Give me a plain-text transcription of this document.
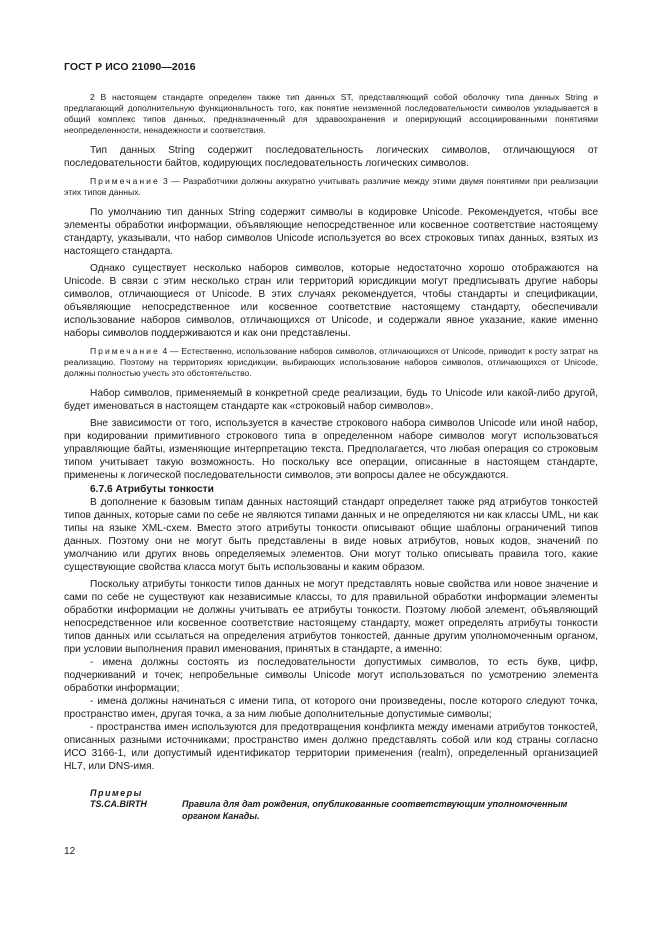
ГОСТ Р ИСО 21090—2016

2 В настоящем стандарте определен также тип данных ST, представляющий собой оболочку типа данных String и предлагающий дополнительную функциональность того, как понятие неизменной последовательности символов укладывается в общий комплекс типов данных, предназначенный для здравоохранения и оперирующий ассоциированными понятиями неопределенности, ненадежности и соответствия.

Тип данных String содержит последовательность логических символов, отличающуюся от последовательности байтов, кодирующих последовательность логических символов.

Примечание 3 — Разработчики должны аккуратно учитывать различие между этими двумя понятиями при реализации этих типов данных.

По умолчанию тип данных String содержит символы в кодировке Unicode. Рекомендуется, чтобы все элементы обработки информации, объявляющие непосредственное или косвенное соответствие настоящему стандарту, указывали, что набор символов Unicode используется во всех строковых типах данных, взятых из настоящего стандарта.

Однако существует несколько наборов символов, которые недостаточно хорошо отображаются на Unicode. В связи с этим несколько стран или территорий юрисдикции могут предписывать другие наборы символов, отличающиеся от Unicode. В этих случаях рекомендуется, чтобы стандарты и спецификации, объявляющие непосредственное или косвенное соответствие настоящему стандарту, обеспечивали использование наборов символов, отличающихся от Unicode, и содержали явное указание, какие именно наборы символов поддерживаются и как они представлены.

Примечание 4 — Естественно, использование наборов символов, отличающихся от Unicode, приводит к росту затрат на реализацию. Поэтому на территориях юрисдикции, выбирающих использование наборов символов, отличающихся от Unicode, должны полностью учесть это обстоятельство.

Набор символов, применяемый в конкретной среде реализации, будь то Unicode или какой-либо другой, будет именоваться в настоящем стандарте как «строковый набор символов».

Вне зависимости от того, используется в качестве строкового набора символов Unicode или иной набор, при кодировании примитивного строкового типа в определенном наборе символов могут использоваться управляющие байты, изменяющие интерпретацию текста. Предполагается, что любая операция со строковым типом учитывает такую возможность. Но поскольку все операции, описанные в настоящем стандарте, применены к логической последовательности символов, эти вопросы далее не обсуждаются.

6.7.6 Атрибуты тонкости

В дополнение к базовым типам данных настоящий стандарт определяет также ряд атрибутов тонкостей типов данных, которые сами по себе не являются типами данных и не определяются ни как классы UML, ни как типы на языке XML-схем. Вместо этого атрибуты тонкости описывают общие шаблоны ограничений типов данных. Поэтому они не могут быть представлены в виде новых атрибутов, новых кодов, значений по умолчанию или других вновь определяемых элементов. Они могут только описывать правила того, какие существующие свойства класса могут быть использованы и каким образом.

Поскольку атрибуты тонкости типов данных не могут представлять новые свойства или новое значение и сами по себе не существуют как независимые классы, то для правильной обработки информации элементы обработки информации не должны учитывать ее атрибуты тонкости. Поэтому любой элемент, объявляющий непосредственное или косвенное соответствие настоящему стандарту, может определять атрибуты тонкости типов данных или ссылаться на определения атрибутов тонкостей, данные другим уполномоченным органом, при условии выполнения правил именования, принятых в стандарте, а именно:

- имена должны состоять из последовательности допустимых символов, то есть букв, цифр, подчеркиваний и точек; непробельные символы Unicode могут использоваться по усмотрению элемента обработки информации;

- имена должны начинаться с имени типа, от которого они произведены, после которого следуют точка, пространство имен, другая точка, а за ним любые дополнительные допустимые символы;

- пространства имен используются для предотвращения конфликта между именами атрибутов тонкостей, описанных разными источниками; пространство имен должно представлять собой или код страны согласно ИСО 3166-1, или допустимый идентификатор территории применения (realm), определенный организацией HL7, или DNS-имя.

Примеры
TS.CA.BIRTH	Правила для дат рождения, опубликованные соответствующим уполномоченным органом Канады.
12
